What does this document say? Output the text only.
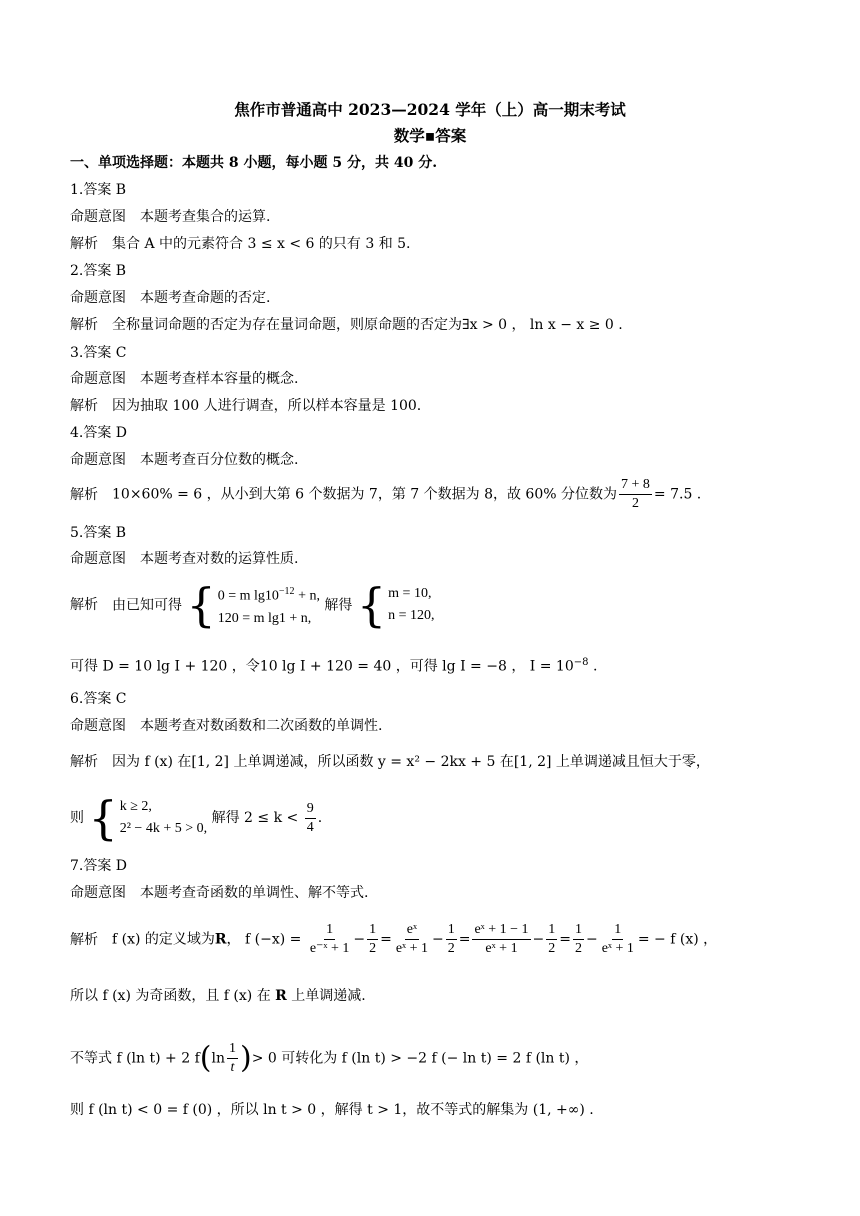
焦作市普通高中 2023—2024 学年（上）高一期末考试
数学▪答案
一、单项选择题：本题共 8 小题，每小题 5 分，共 40 分.
1.答案 B
命题意图 本题考查集合的运算.
解析 集合 A 中的元素符合 3 ≤ x < 6 的只有 3 和 5.
2.答案 B
命题意图 本题考查命题的否定.
解析 全称量词命题的否定为存在量词命题，则原命题的否定为∃x > 0 ， ln x − x ≥ 0 .
3.答案 C
命题意图 本题考查样本容量的概念.
解析 因为抽取 100 人进行调查，所以样本容量是 100.
4.答案 D
命题意图 本题考查百分位数的概念.
解析 10×60% = 6 ，从小到大第 6 个数据为 7，第 7 个数据为 8，故 60% 分位数为 $\frac{7 + 8}{2} = 7.5$ .
5.答案 B
命题意图 本题考查对数的运算性质.
解析 由已知可得 { 0 = m $\lg 10^{-12} + n$,
120 = m lg1 + n,
解得 { m = 10,
n = 120,
可得 D = 10 lg I + 120 ，令10 lg I + 120 = 40 ，可得 lg I = −8 ， $I = 10^{-8}$ .
6.答案 C
命题意图 本题考查对数函数和二次函数的单调性.
解析 因为 f (x) 在[1, 2] 上单调递减，所以函数 y = x² − 2kx + 5 在[1, 2] 上单调递减且恒大于零，
则 { k ≥ 2,
2² − 4k + 5 > 0,
解得 $2 \le k < \frac{9}{4}$ .
7.答案 D
命题意图 本题考查奇函数的单调性、解不等式.
解析 f (x) 的定义域为R， f $(-x) = \frac{1}{\text{e⁻ˣ + 1}} - \frac{1}{2} = \frac{\text{eˣ}}{\text{eˣ + 1}} - \frac{1}{2} = \frac{\text{eˣ + 1 − 1}}{\text{eˣ + 1}} - \frac{1}{2} = \frac{1}{2} - \frac{1}{\text{eˣ + 1}}$ = − f (x) ，
所以 f (x) 为奇函数，且 f (x) 在 R 上单调递减.
不等式 f (ln t) + 2 $f(\ln \frac{1}{t}$ )> 0 可转化为 f (ln t) > −2 f (− ln t) = 2 f (ln t) ，
则 f (ln t) < 0 = f (0) ，所以 ln t > 0 ，解得 t > 1，故不等式的解集为 (1, +∞) .
